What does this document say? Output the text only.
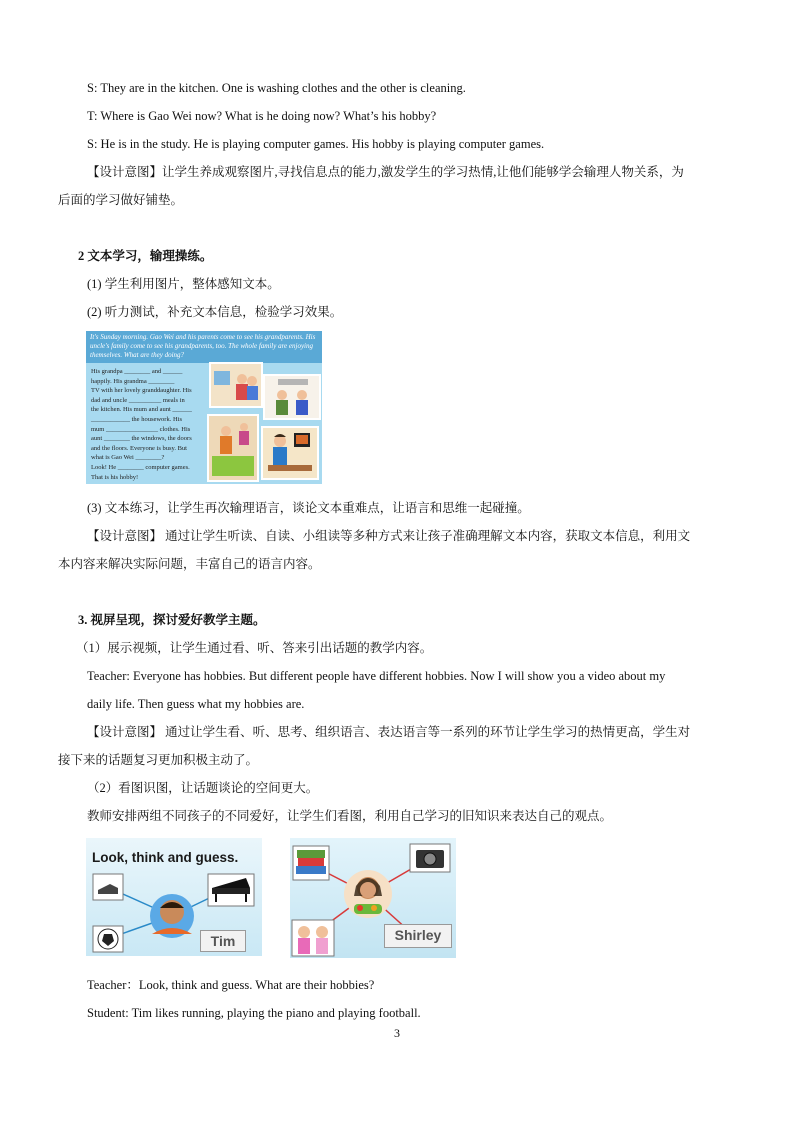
S: They are in the kitchen. One is washing clothes and the other is cleaning.
T: Where is Gao Wei now? What is he doing now? What’s his hobby?
S: He is in the study. He is playing computer games. His hobby is playing computer games.
【设计意图】让学生养成观察图片,寻找信息点的能力,激发学生的学习热情,让他们能够学会输理人物关系，为
后面的学习做好铺垫。
2 文本学习，输理操练。
(1) 学生利用图片，整体感知文本。
(2) 听力测试，补充文本信息，检验学习效果。
It's Sunday morning. Gao Wei and his parents come to see his grandparents. His uncle's family come to see his grandparents, too. The whole family are enjoying themselves. What are they doing?
His grandpa ________ and ______
happily. His grandma ________
TV with her lovely granddaughter. His
dad and uncle __________ meals in
the kitchen. His mum and aunt ______
____________ the housework. His
mum ________________ clothes. His
aunt ________ the windows, the doors
and the floors. Everyone is busy. But
what is Gao Wei ________?
Look! He ________ computer games.
That is his hobby!
(3) 文本练习，让学生再次输理语言，谈论文本重难点，让语言和思维一起碰撞。
【设计意图】 通过让学生听读、自读、小组读等多种方式来让孩子准确理解文本内容，获取文本信息，利用文
本内容来解决实际问题，丰富自己的语言内容。
3. 视屏呈现，探讨爱好教学主题。
（1）展示视频，让学生通过看、听、答来引出话题的教学内容。
Teacher: Everyone has hobbies. But different people have different hobbies. Now I will show you a video about my
daily life. Then guess what my hobbies are.
【设计意图】 通过让学生看、听、思考、组织语言、表达语言等一系列的环节让学生学习的热情更高，学生对
接下来的话题复习更加积极主动了。
（2）看图识图，让话题谈论的空间更大。
教师安排两组不同孩子的不同爱好，让学生们看图，利用自己学习的旧知识来表达自己的观点。
Look, think and guess.
Tim	Shirley
Teacher：Look, think and guess. What are their hobbies?
Student: Tim likes running, playing the piano and playing football.
3
